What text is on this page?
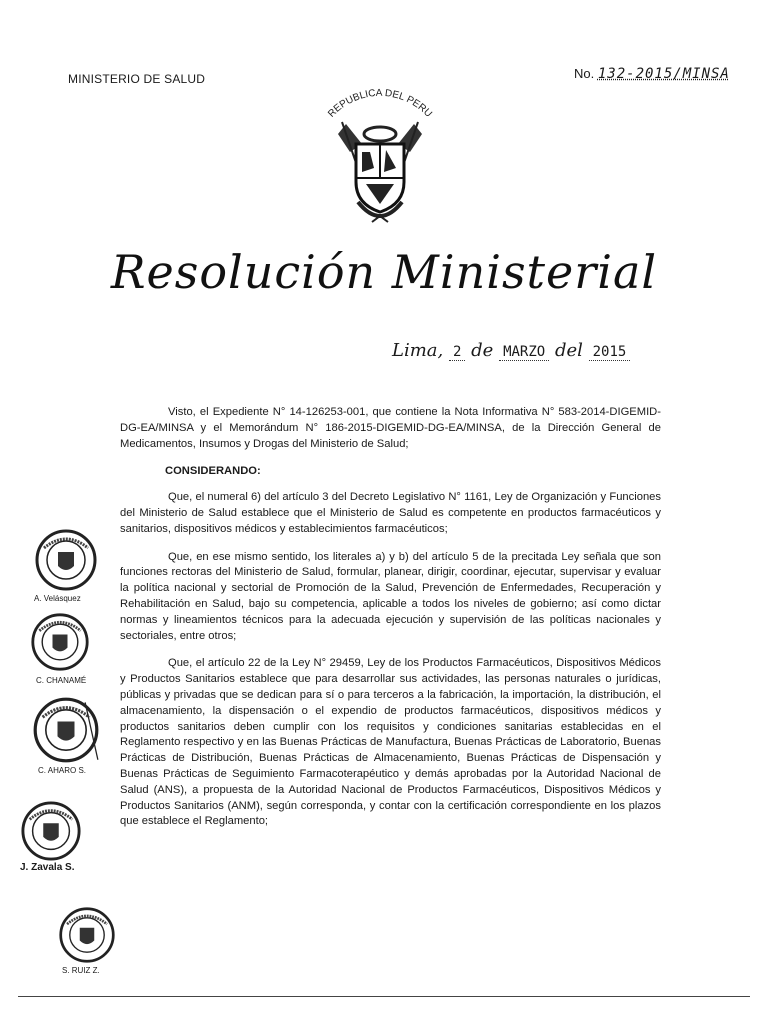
MINISTERIO DE SALUD	No. 132-2015/MINSA
REPUBLICA DEL PERU
Resolución Ministerial
Lima, 2 de MARZO del 2015

Visto, el Expediente N° 14-126253-001, que contiene la Nota Informativa N° 583-2014-DIGEMID-DG-EA/MINSA y el Memorándum N° 186-2015-DIGEMID-DG-EA/MINSA, de la Dirección General de Medicamentos, Insumos y Drogas del Ministerio de Salud;

CONSIDERANDO:

Que, el numeral 6) del artículo 3 del Decreto Legislativo N° 1161, Ley de Organización y Funciones del Ministerio de Salud establece que el Ministerio de Salud es competente en productos farmacéuticos y sanitarios, dispositivos médicos y establecimientos farmacéuticos;

Que, en ese mismo sentido, los literales a) y b) del artículo 5 de la precitada Ley señala que son funciones rectoras del Ministerio de Salud, formular, planear, dirigir, coordinar, ejecutar, supervisar y evaluar la política nacional y sectorial de Promoción de la Salud, Prevención de Enfermedades, Recuperación y Rehabilitación en Salud, bajo su competencia, aplicable a todos los niveles de gobierno; así como dictar normas y lineamientos técnicos para la adecuada ejecución y supervisión de las políticas nacionales y sectoriales, entre otros;

Que, el artículo 22 de la Ley N° 29459, Ley de los Productos Farmacéuticos, Dispositivos Médicos y Productos Sanitarios establece que para desarrollar sus actividades, las personas naturales o jurídicas, públicas y privadas que se dedican para sí o para terceros a la fabricación, la importación, la distribución, el almacenamiento, la dispensación o el expendio de productos farmacéuticos, dispositivos médicos y productos sanitarios deben cumplir con los requisitos y condiciones sanitarias establecidas en el Reglamento respectivo y en las Buenas Prácticas de Manufactura, Buenas Prácticas de Laboratorio, Buenas Prácticas de Distribución, Buenas Prácticas de Almacenamiento, Buenas Prácticas de Dispensación y Buenas Prácticas de Seguimiento Farmacoterapéutico y demás aprobadas por la Autoridad Nacional de Salud (ANS), a propuesta de la Autoridad Nacional de Productos Farmacéuticos, Dispositivos Médicos y Productos Sanitarios (ANM), según corresponda, y contar con la certificación correspondiente en los plazos que establece el Reglamento;

A. Velásquez
C. CHANAMÉ
C. AHARO S.
J. Zavala S.
S. RUIZ Z.
